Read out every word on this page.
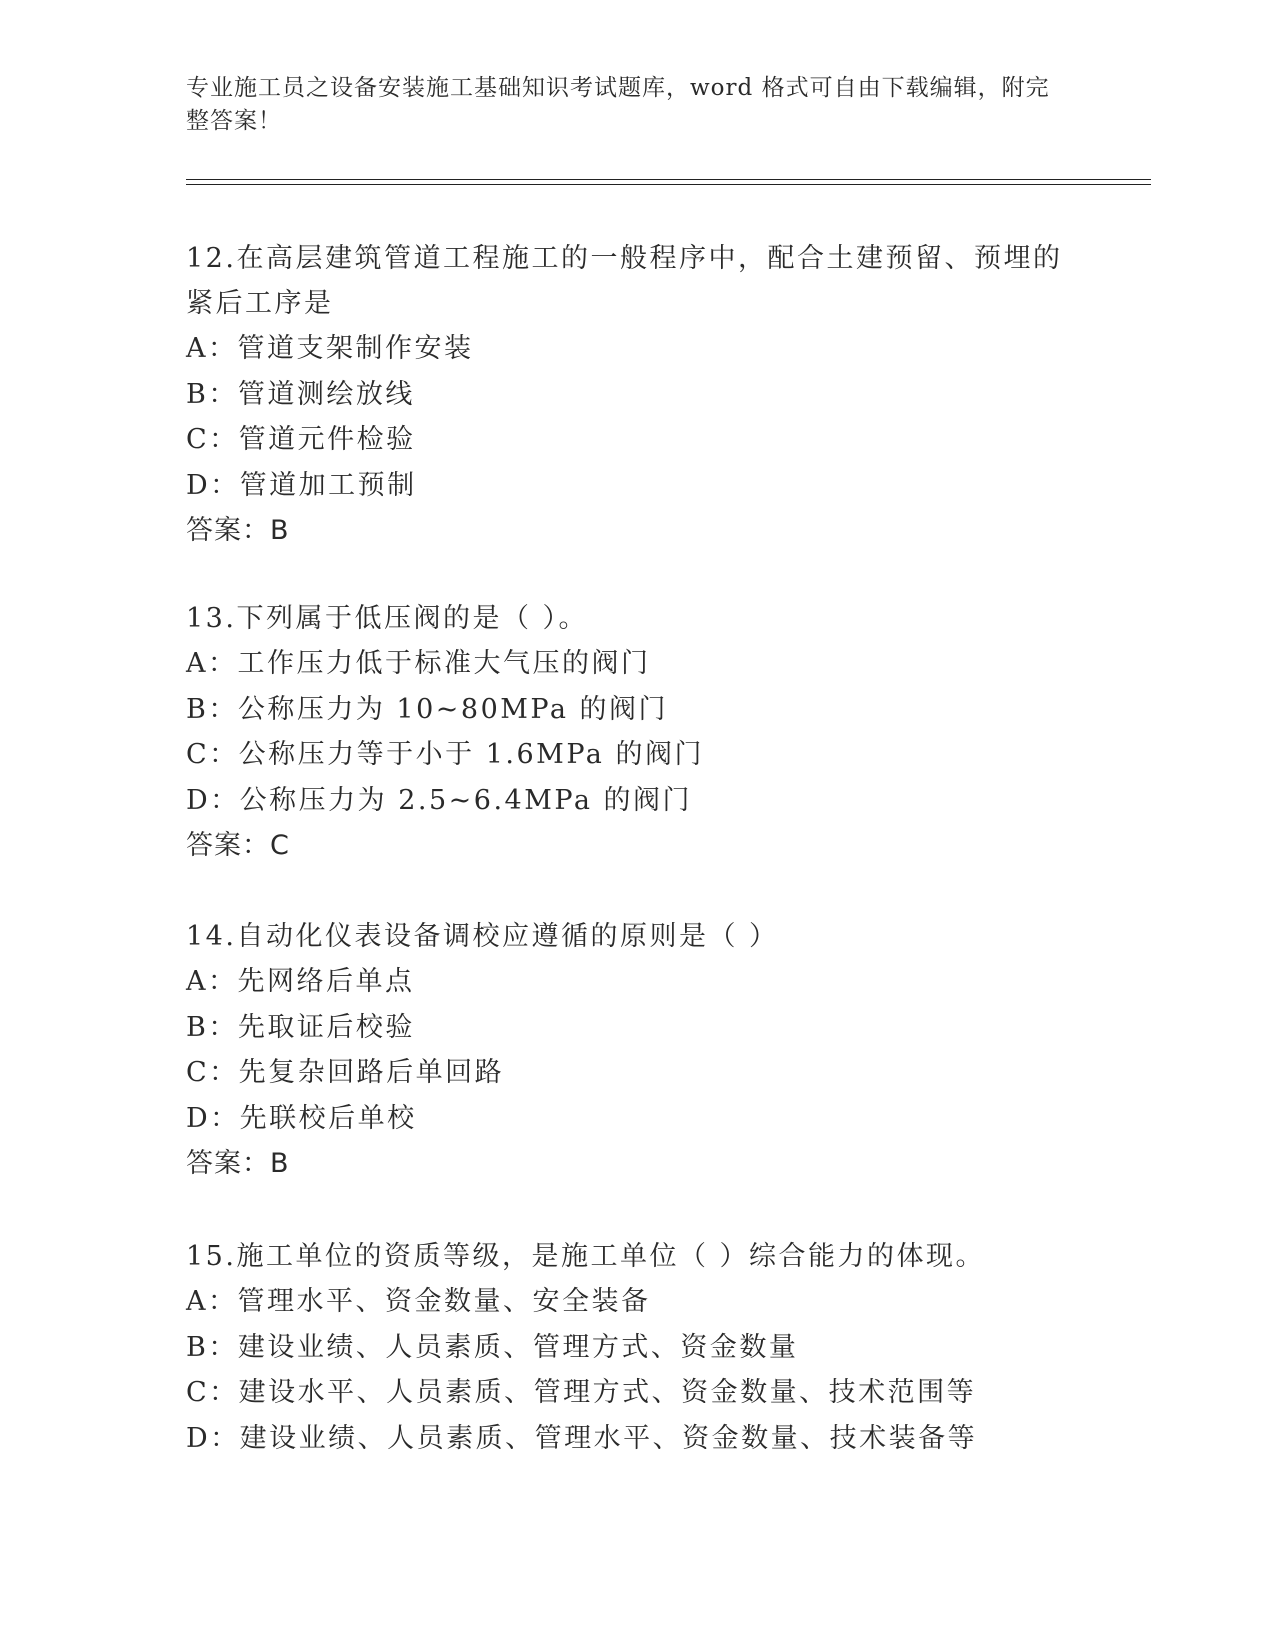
专业施工员之设备安装施工基础知识考试题库，word 格式可自由下载编辑，附完整答案！

12.在高层建筑管道工程施工的一般程序中，配合土建预留、预埋的紧后工序是

A：管道支架制作安装

B：管道测绘放线

C：管道元件检验

D：管道加工预制

答案：B

13.下列属于低压阀的是（ ）。

A：工作压力低于标准大气压的阀门

B：公称压力为 10~80MPa 的阀门

C：公称压力等于小于 1.6MPa 的阀门

D：公称压力为 2.5~6.4MPa 的阀门

答案：C

14.自动化仪表设备调校应遵循的原则是（ ）

A：先网络后单点

B：先取证后校验

C：先复杂回路后单回路

D：先联校后单校

答案：B

15.施工单位的资质等级，是施工单位（ ）综合能力的体现。

A：管理水平、资金数量、安全装备

B：建设业绩、人员素质、管理方式、资金数量

C：建设水平、人员素质、管理方式、资金数量、技术范围等

D：建设业绩、人员素质、管理水平、资金数量、技术装备等
